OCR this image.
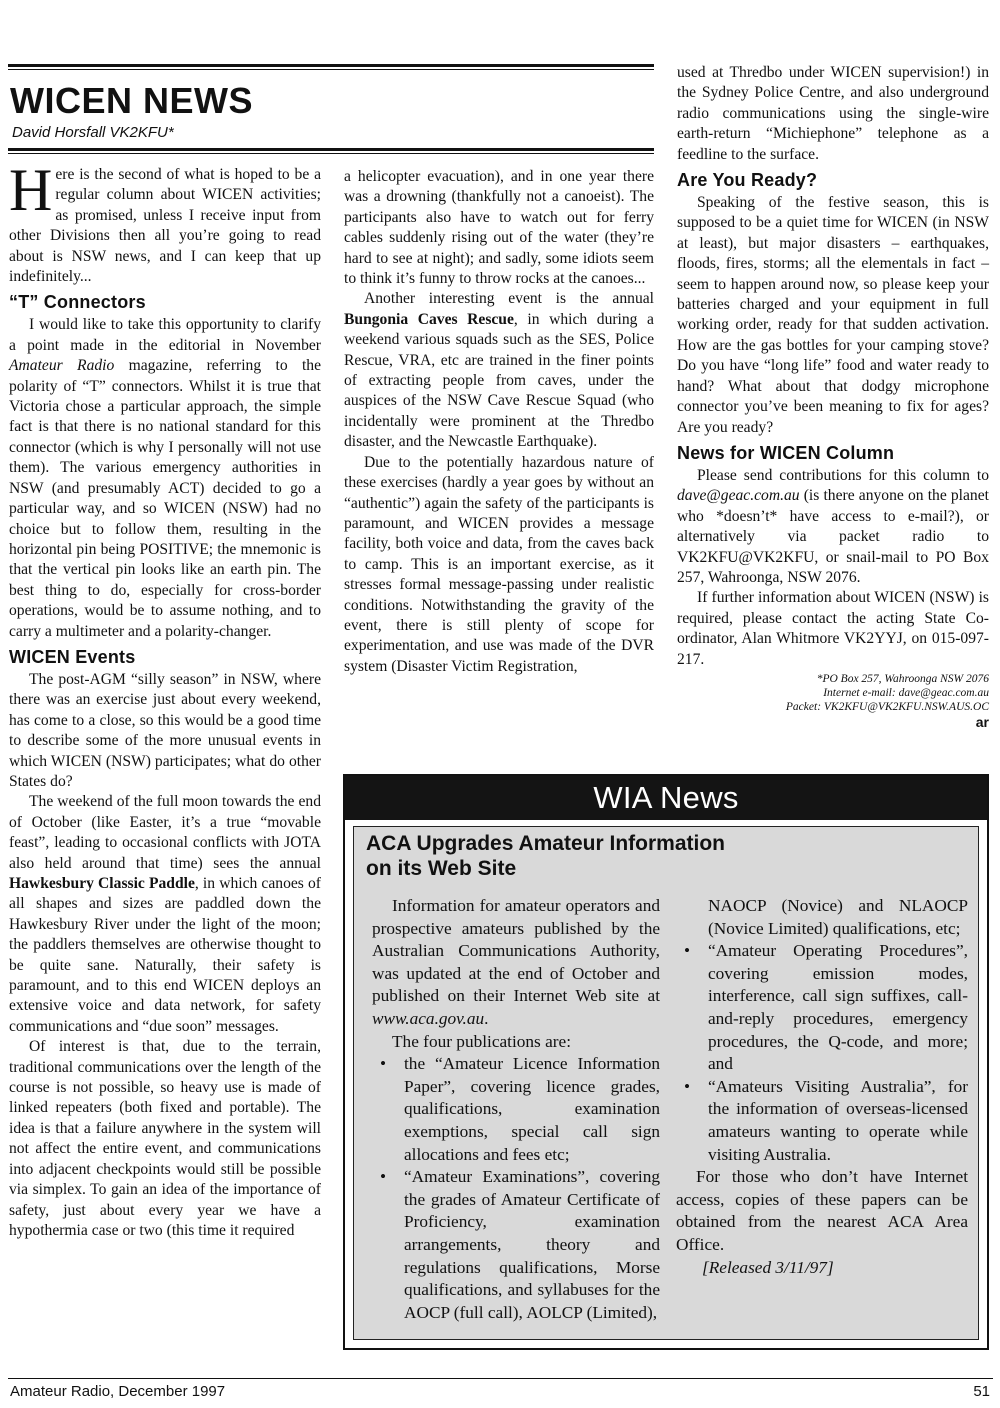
WICEN NEWS
David Horsfall VK2KFU*

Here is the second of what is hoped to be a regular column about WICEN activities; as promised, unless I receive input from other Divisions then all you’re going to read about is NSW news, and I can keep that up indefinitely...

“T” Connectors

I would like to take this opportunity to clarify a point made in the editorial in November Amateur Radio magazine, referring to the polarity of “T” connectors. Whilst it is true that Victoria chose a particular approach, the simple fact is that there is no national standard for this connector (which is why I personally will not use them). The various emergency authorities in NSW (and presumably ACT) decided to go a particular way, and so WICEN (NSW) had no choice but to follow them, resulting in the horizontal pin being POSITIVE; the mnemonic is that the vertical pin looks like an earth pin. The best thing to do, especially for cross-border operations, would be to assume nothing, and to carry a multimeter and a polarity-changer.

WICEN Events

The post-AGM “silly season” in NSW, where there was an exercise just about every weekend, has come to a close, so this would be a good time to describe some of the more unusual events in which WICEN (NSW) participates; what do other States do?

The weekend of the full moon towards the end of October (like Easter, it’s a true “movable feast”, leading to occasional conflicts with JOTA also held around that time) sees the annual Hawkesbury Classic Paddle, in which canoes of all shapes and sizes are paddled down the Hawkesbury River under the light of the moon; the paddlers themselves are otherwise thought to be quite sane. Naturally, their safety is paramount, and to this end WICEN deploys an extensive voice and data network, for safety communications and “due soon” messages.

Of interest is that, due to the terrain, traditional communications over the length of the course is not possible, so heavy use is made of linked repeaters (both fixed and portable). The idea is that a failure anywhere in the system will not affect the entire event, and communications into adjacent checkpoints would still be possible via simplex. To gain an idea of the importance of safety, just about every year we have a hypothermia case or two (this time it required

a helicopter evacuation), and in one year there was a drowning (thankfully not a canoeist). The participants also have to watch out for ferry cables suddenly rising out of the water (they’re hard to see at night); and sadly, some idiots seem to think it’s funny to throw rocks at the canoes...

Another interesting event is the annual Bungonia Caves Rescue, in which during a weekend various squads such as the SES, Police Rescue, VRA, etc are trained in the finer points of extracting people from caves, under the auspices of the NSW Cave Rescue Squad (who incidentally were prominent at the Thredbo disaster, and the Newcastle Earthquake).

Due to the potentially hazardous nature of these exercises (hardly a year goes by without an “authentic”) again the safety of the participants is paramount, and WICEN provides a message facility, both voice and data, from the caves back to camp. This is an important exercise, as it stresses formal message-passing under realistic conditions. Notwithstanding the gravity of the event, there is still plenty of scope for experimentation, and use was made of the DVR system (Disaster Victim Registration,

used at Thredbo under WICEN supervision!) in the Sydney Police Centre, and also underground radio communications using the single-wire earth-return “Michiephone” telephone as a feedline to the surface.

Are You Ready?

Speaking of the festive season, this is supposed to be a quiet time for WICEN (in NSW at least), but major disasters – earthquakes, floods, fires, storms; all the elementals in fact – seem to happen around now, so please keep your batteries charged and your equipment in full working order, ready for that sudden activation. How are the gas bottles for your camping stove? Do you have “long life” food and water ready to hand? What about that dodgy microphone connector you’ve been meaning to fix for ages? Are you ready?

News for WICEN Column

Please send contributions for this column to dave@geac.com.au (is there anyone on the planet who *doesn’t* have access to e-mail?), or alternatively via packet radio to VK2KFU@VK2KFU, or snail-mail to PO Box 257, Wahroonga, NSW 2076.

If further information about WICEN (NSW) is required, please contact the acting State Co-ordinator, Alan Whitmore VK2YYJ, on 015-097-217.

*PO Box 257, Wahroonga NSW 2076
Internet e-mail: dave@geac.com.au
Packet: VK2KFU@VK2KFU.NSW.AUS.OC
ar
WIA News
ACA Upgrades Amateur Information
on its Web Site

Information for amateur operators and prospective amateurs published by the Australian Communications Authority, was updated at the end of October and published on their Internet Web site at www.aca.gov.au.

The four publications are:

•	the “Amateur Licence Information Paper”, covering licence grades, qualifications, examination exemptions, special call sign allocations and fees etc;
•	“Amateur Examinations”, covering the grades of Amateur Certificate of Proficiency, examination arrangements, theory and regulations qualifications, Morse qualifications, and syllabuses for the AOCP (full call), AOLCP (Limited),
NAOCP (Novice) and NLAOCP (Novice Limited) qualifications, etc;
•	“Amateur Operating Procedures”, covering emission modes, interference, call sign suffixes, call-and-reply procedures, emergency procedures, the Q-code, and more; and
•	“Amateurs Visiting Australia”, for the information of overseas-licensed amateurs wanting to operate while visiting Australia.

For those who don’t have Internet access, copies of these papers can be obtained from the nearest ACA Area Office.

[Released 3/11/97]

Amateur Radio, December 1997	51
